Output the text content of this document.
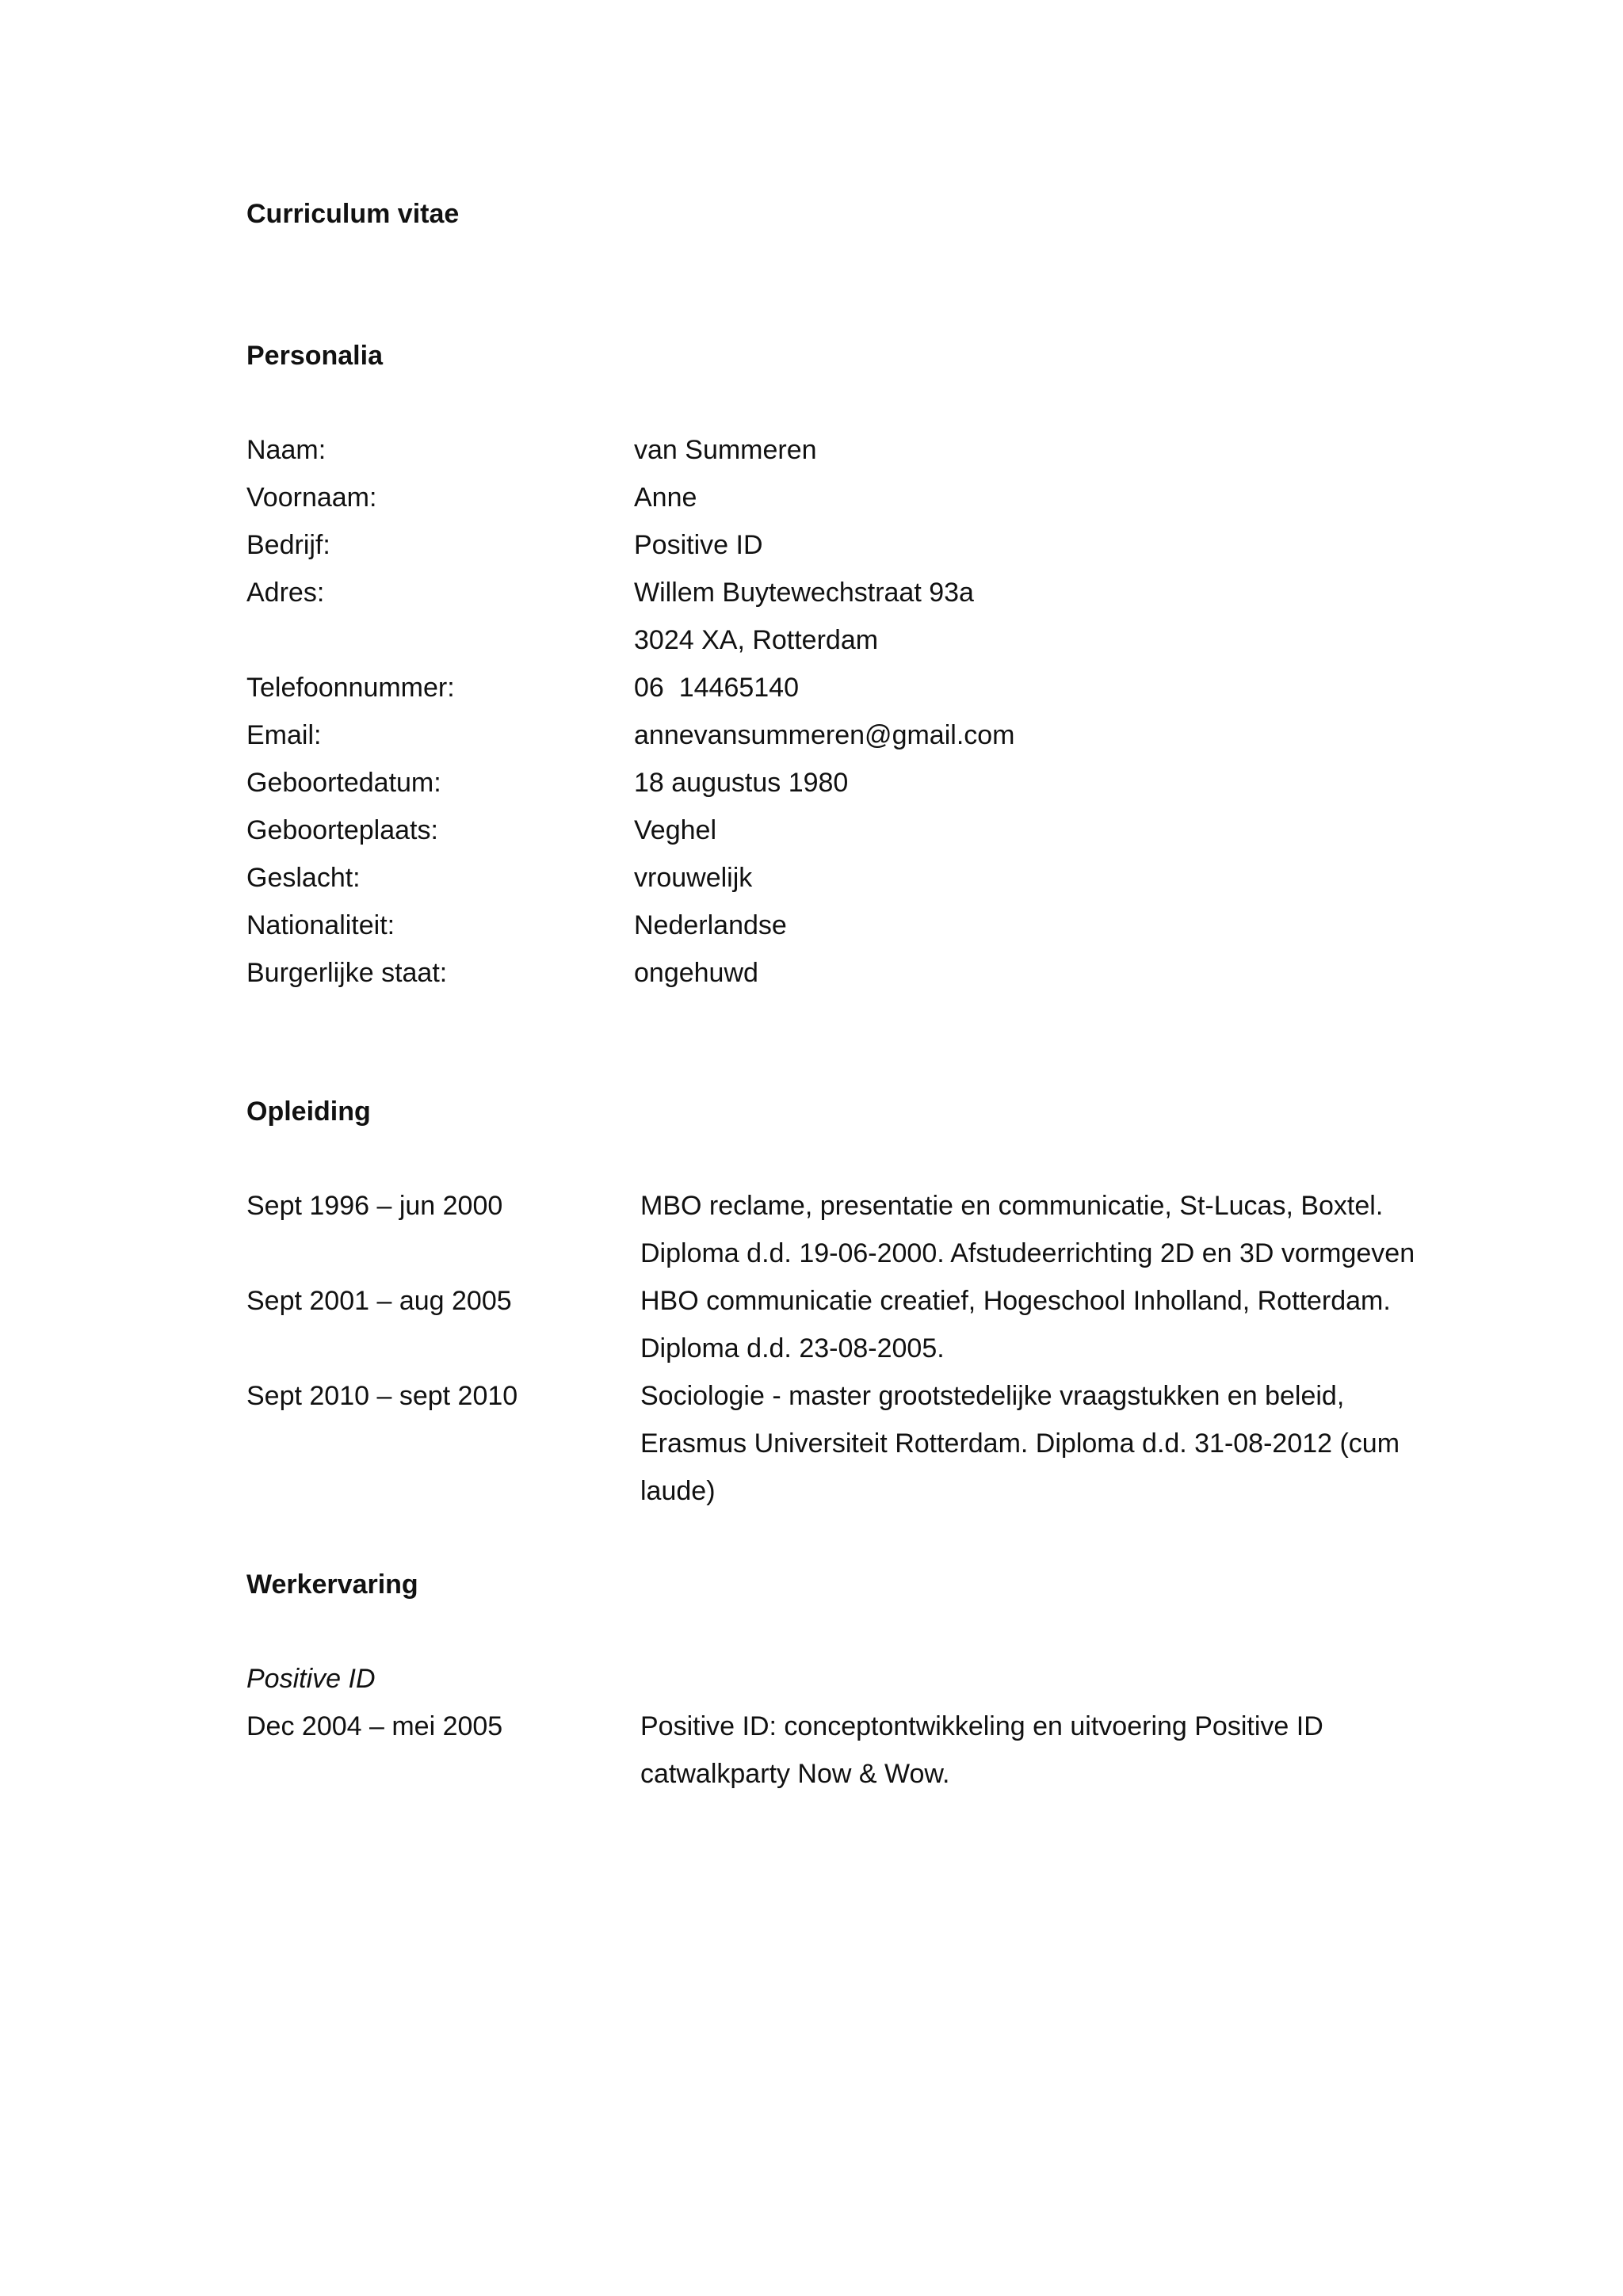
Curriculum vitae
Personalia
Naam:	van Summeren
Voornaam:	Anne
Bedrijf:	Positive ID
Adres:	Willem Buytewechstraat 93a
3024 XA, Rotterdam
Telefoonnummer:	06  14465140
Email:	annevansummeren@gmail.com
Geboortedatum:	18 augustus 1980
Geboorteplaats:	Veghel
Geslacht:	vrouwelijk
Nationaliteit:	Nederlandse
Burgerlijke staat:	ongehuwd
Opleiding
Sept 1996 – jun 2000	MBO reclame, presentatie en communicatie, St-Lucas, Boxtel.
Diploma d.d. 19-06-2000. Afstudeerrichting 2D en 3D vormgeven
Sept 2001 – aug 2005	HBO communicatie creatief, Hogeschool Inholland, Rotterdam.
Diploma d.d. 23-08-2005.
Sept 2010 – sept 2010	Sociologie - master grootstedelijke vraagstukken en beleid,
Erasmus Universiteit Rotterdam. Diploma d.d. 31-08-2012 (cum
laude)
Werkervaring
Positive ID
Dec 2004 – mei 2005	Positive ID: conceptontwikkeling en uitvoering Positive ID
catwalkparty Now & Wow.
